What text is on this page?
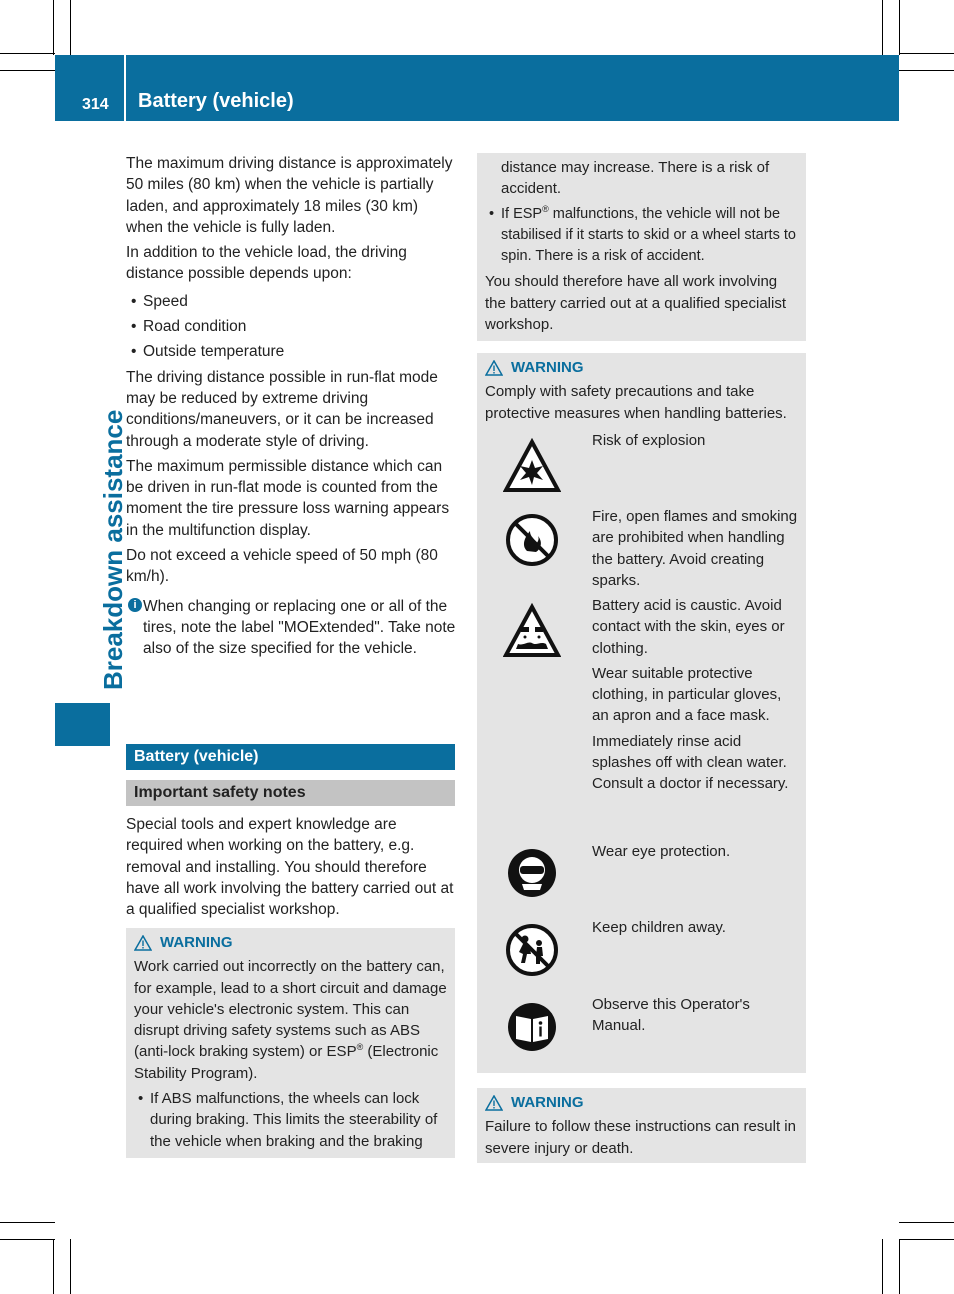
314 Battery (vehicle)
Breakdown assistance

The maximum driving distance is approximately 50 miles (80 km) when the vehicle is partially laden, and approximately 18 miles (30 km) when the vehicle is fully laden.

In addition to the vehicle load, the driving distance possible depends upon:

• Speed
• Road condition
• Outside temperature

The driving distance possible in run-flat mode may be reduced by extreme driving conditions/maneuvers, or it can be increased through a moderate style of driving.

The maximum permissible distance which can be driven in run-flat mode is counted from the moment the tire pressure loss warning appears in the multifunction display.

Do not exceed a vehicle speed of 50 mph (80 km/h).

i When changing or replacing one or all of the tires, note the label "MOExtended". Take note also of the size specified for the vehicle.
Battery (vehicle)
Important safety notes
Special tools and expert knowledge are required when working on the battery, e.g. removal and installing. You should therefore have all work involving the battery carried out at a qualified specialist workshop.
WARNING

Work carried out incorrectly on the battery can, for example, lead to a short circuit and damage your vehicle's electronic system. This can disrupt driving safety systems such as ABS (anti-lock braking system) or ESP® (Electronic Stability Program).

• If ABS malfunctions, the wheels can lock during braking. This limits the steerability of the vehicle when braking and the braking

distance may increase. There is a risk of accident.

• If ESP® malfunctions, the vehicle will not be stabilised if it starts to skid or a wheel starts to spin. There is a risk of accident.

You should therefore have all work involving the battery carried out at a qualified specialist workshop.

WARNING

Comply with safety precautions and take protective measures when handling batteries.

Risk of explosion

Fire, open flames and smoking are prohibited when handling the battery. Avoid creating sparks.

Battery acid is caustic. Avoid contact with the skin, eyes or clothing.

Wear suitable protective clothing, in particular gloves, an apron and a face mask.

Immediately rinse acid splashes off with clean water. Consult a doctor if necessary.

Wear eye protection.

Keep children away.

Observe this Operator's Manual.

WARNING

Failure to follow these instructions can result in severe injury or death.
